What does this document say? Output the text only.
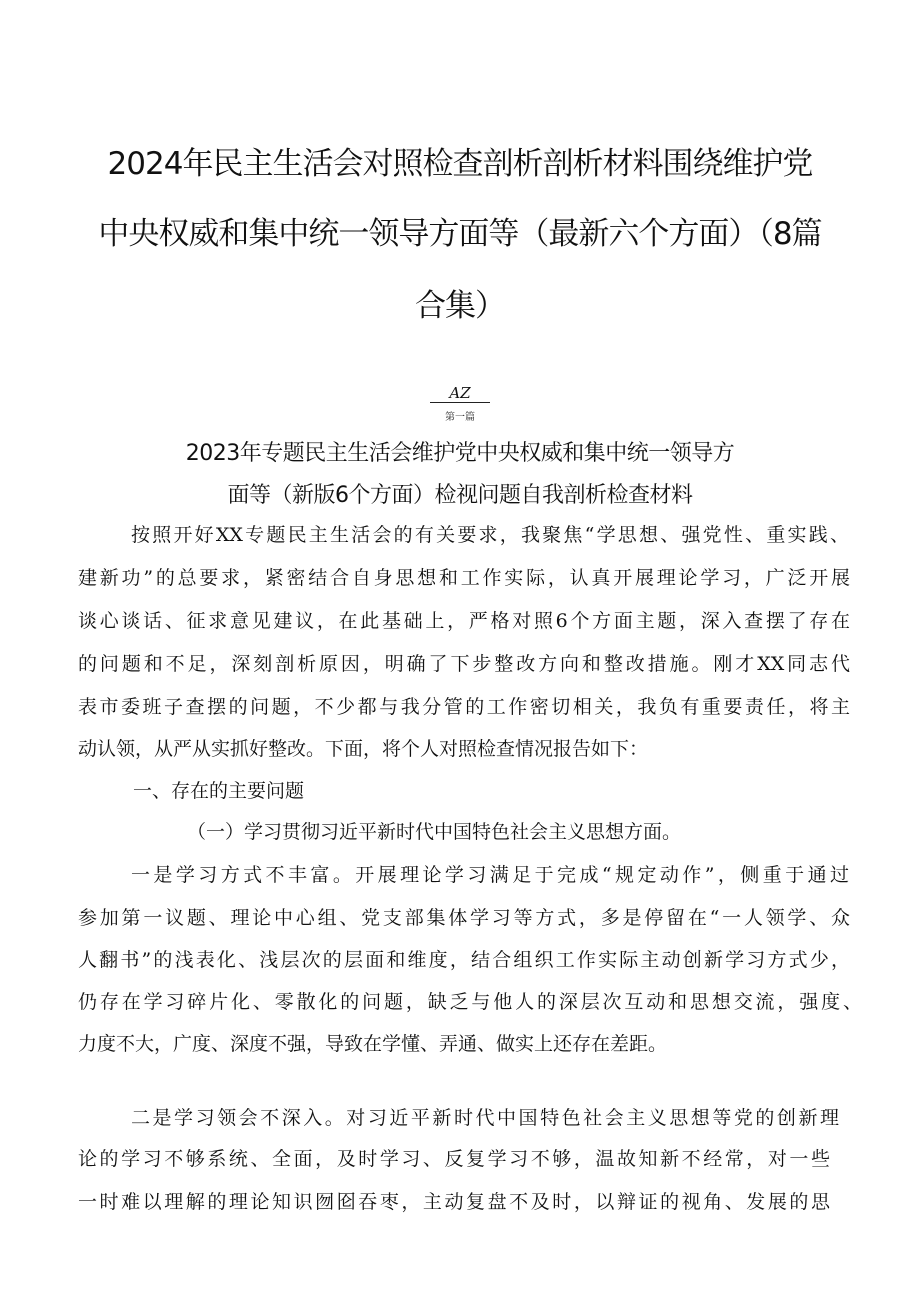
2024年民主生活会对照检查剖析剖析材料围绕维护党
中央权威和集中统一领导方面等（最新六个方面）（8篇
合集）
AZ
第一篇
2023年专题民主生活会维护党中央权威和集中统一领导方
面等（新版6个方面）检视问题自我剖析检查材料
按照开好XX专题民主生活会的有关要求，我聚焦“学思想、强党性、重实践、
建新功”的总要求，紧密结合自身思想和工作实际，认真开展理论学习，广泛开展
谈心谈话、征求意见建议，在此基础上，严格对照6个方面主题，深入查摆了存在
的问题和不足，深刻剖析原因，明确了下步整改方向和整改措施。刚才XX同志代
表市委班子查摆的问题，不少都与我分管的工作密切相关，我负有重要责任，将主
动认领，从严从实抓好整改。下面，将个人对照检查情况报告如下：
一、存在的主要问题
（一）学习贯彻习近平新时代中国特色社会主义思想方面。
一是学习方式不丰富。开展理论学习满足于完成“规定动作”，侧重于通过
参加第一议题、理论中心组、党支部集体学习等方式，多是停留在“一人领学、众
人翻书”的浅表化、浅层次的层面和维度，结合组织工作实际主动创新学习方式少，
仍存在学习碎片化、零散化的问题，缺乏与他人的深层次互动和思想交流，强度、
力度不大，广度、深度不强，导致在学懂、弄通、做实上还存在差距。
二是学习领会不深入。对习近平新时代中国特色社会主义思想等党的创新理
论的学习不够系统、全面，及时学习、反复学习不够，温故知新不经常，对一些
一时难以理解的理论知识囫囵吞枣，主动复盘不及时，以辩证的视角、发展的思
